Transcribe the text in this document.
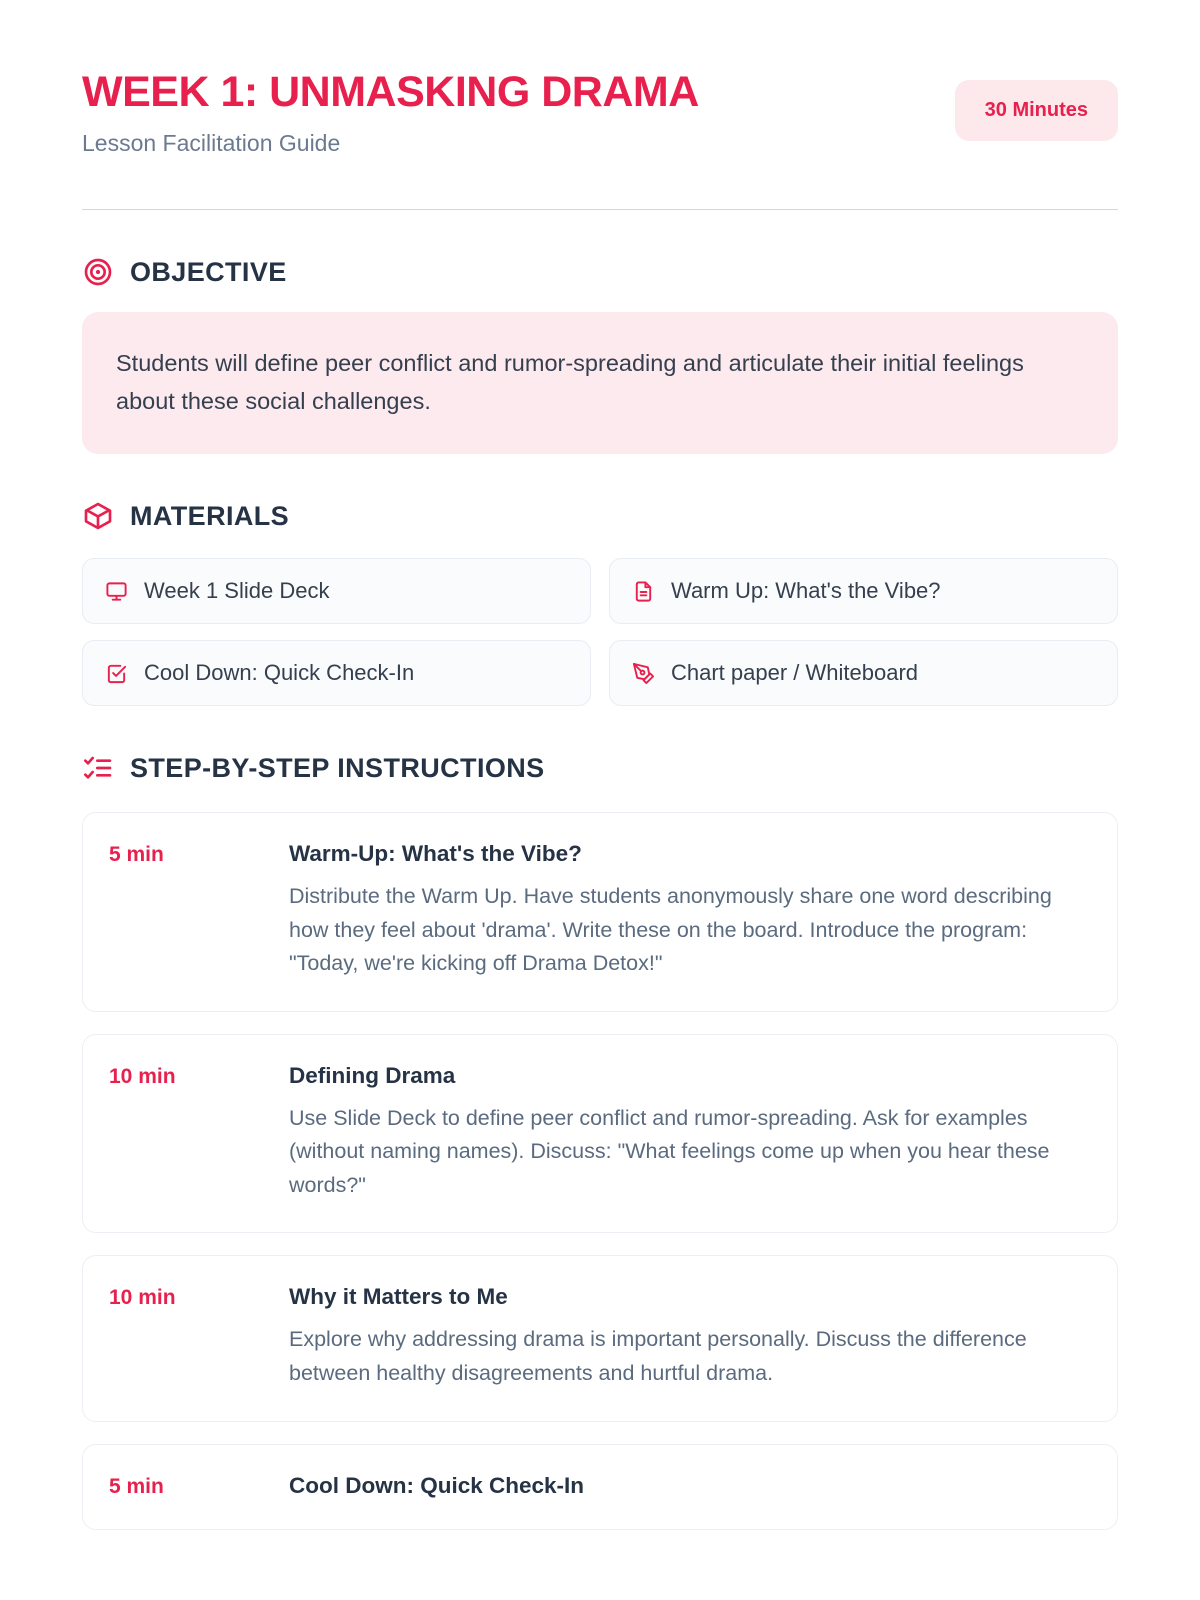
WEEK 1: UNMASKING DRAMA

Lesson Facilitation Guide

30 Minutes
OBJECTIVE

Students will define peer conflict and rumor-spreading and articulate their initial feelings about these social challenges.

MATERIALS
Week 1 Slide Deck	Warm Up: What's the Vibe?
Cool Down: Quick Check-In	Chart paper / Whiteboard
STEP-BY-STEP INSTRUCTIONS
5 min	Warm-Up: What's the Vibe?

Distribute the Warm Up. Have students anonymously share one word describing how they feel about 'drama'. Write these on the board. Introduce the program: "Today, we're kicking off Drama Detox!"

10 min	Defining Drama

Use Slide Deck to define peer conflict and rumor-spreading. Ask for examples (without naming names). Discuss: "What feelings come up when you hear these words?"

10 min	Why it Matters to Me

Explore why addressing drama is important personally. Discuss the difference between healthy disagreements and hurtful drama.

5 min	Cool Down: Quick Check-In
